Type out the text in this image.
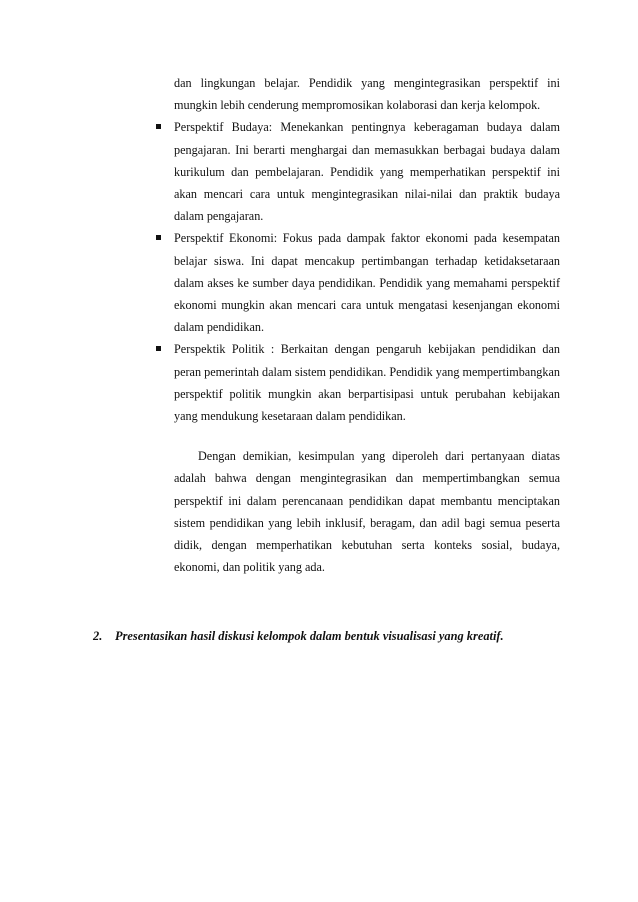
dan lingkungan belajar. Pendidik yang mengintegrasikan perspektif ini mungkin lebih cenderung mempromosikan kolaborasi dan kerja kelompok.

Perspektif Budaya: Menekankan pentingnya keberagaman budaya dalam pengajaran. Ini berarti menghargai dan memasukkan berbagai budaya dalam kurikulum dan pembelajaran. Pendidik yang memperhatikan perspektif ini akan mencari cara untuk mengintegrasikan nilai-nilai dan praktik budaya dalam pengajaran.

Perspektif Ekonomi: Fokus pada dampak faktor ekonomi pada kesempatan belajar siswa. Ini dapat mencakup pertimbangan terhadap ketidaksetaraan dalam akses ke sumber daya pendidikan. Pendidik yang memahami perspektif ekonomi mungkin akan mencari cara untuk mengatasi kesenjangan ekonomi dalam pendidikan.

Perspektik Politik : Berkaitan dengan pengaruh kebijakan pendidikan dan peran pemerintah dalam sistem pendidikan. Pendidik yang mempertimbangkan perspektif politik mungkin akan berpartisipasi untuk perubahan kebijakan yang mendukung kesetaraan dalam pendidikan.

Dengan demikian, kesimpulan yang diperoleh dari pertanyaan diatas adalah bahwa dengan mengintegrasikan dan mempertimbangkan semua perspektif ini dalam perencanaan pendidikan dapat membantu menciptakan sistem pendidikan yang lebih inklusif, beragam, dan adil bagi semua peserta didik, dengan memperhatikan kebutuhan serta konteks sosial, budaya, ekonomi, dan politik yang ada.

2. Presentasikan hasil diskusi kelompok dalam bentuk visualisasi yang kreatif.
